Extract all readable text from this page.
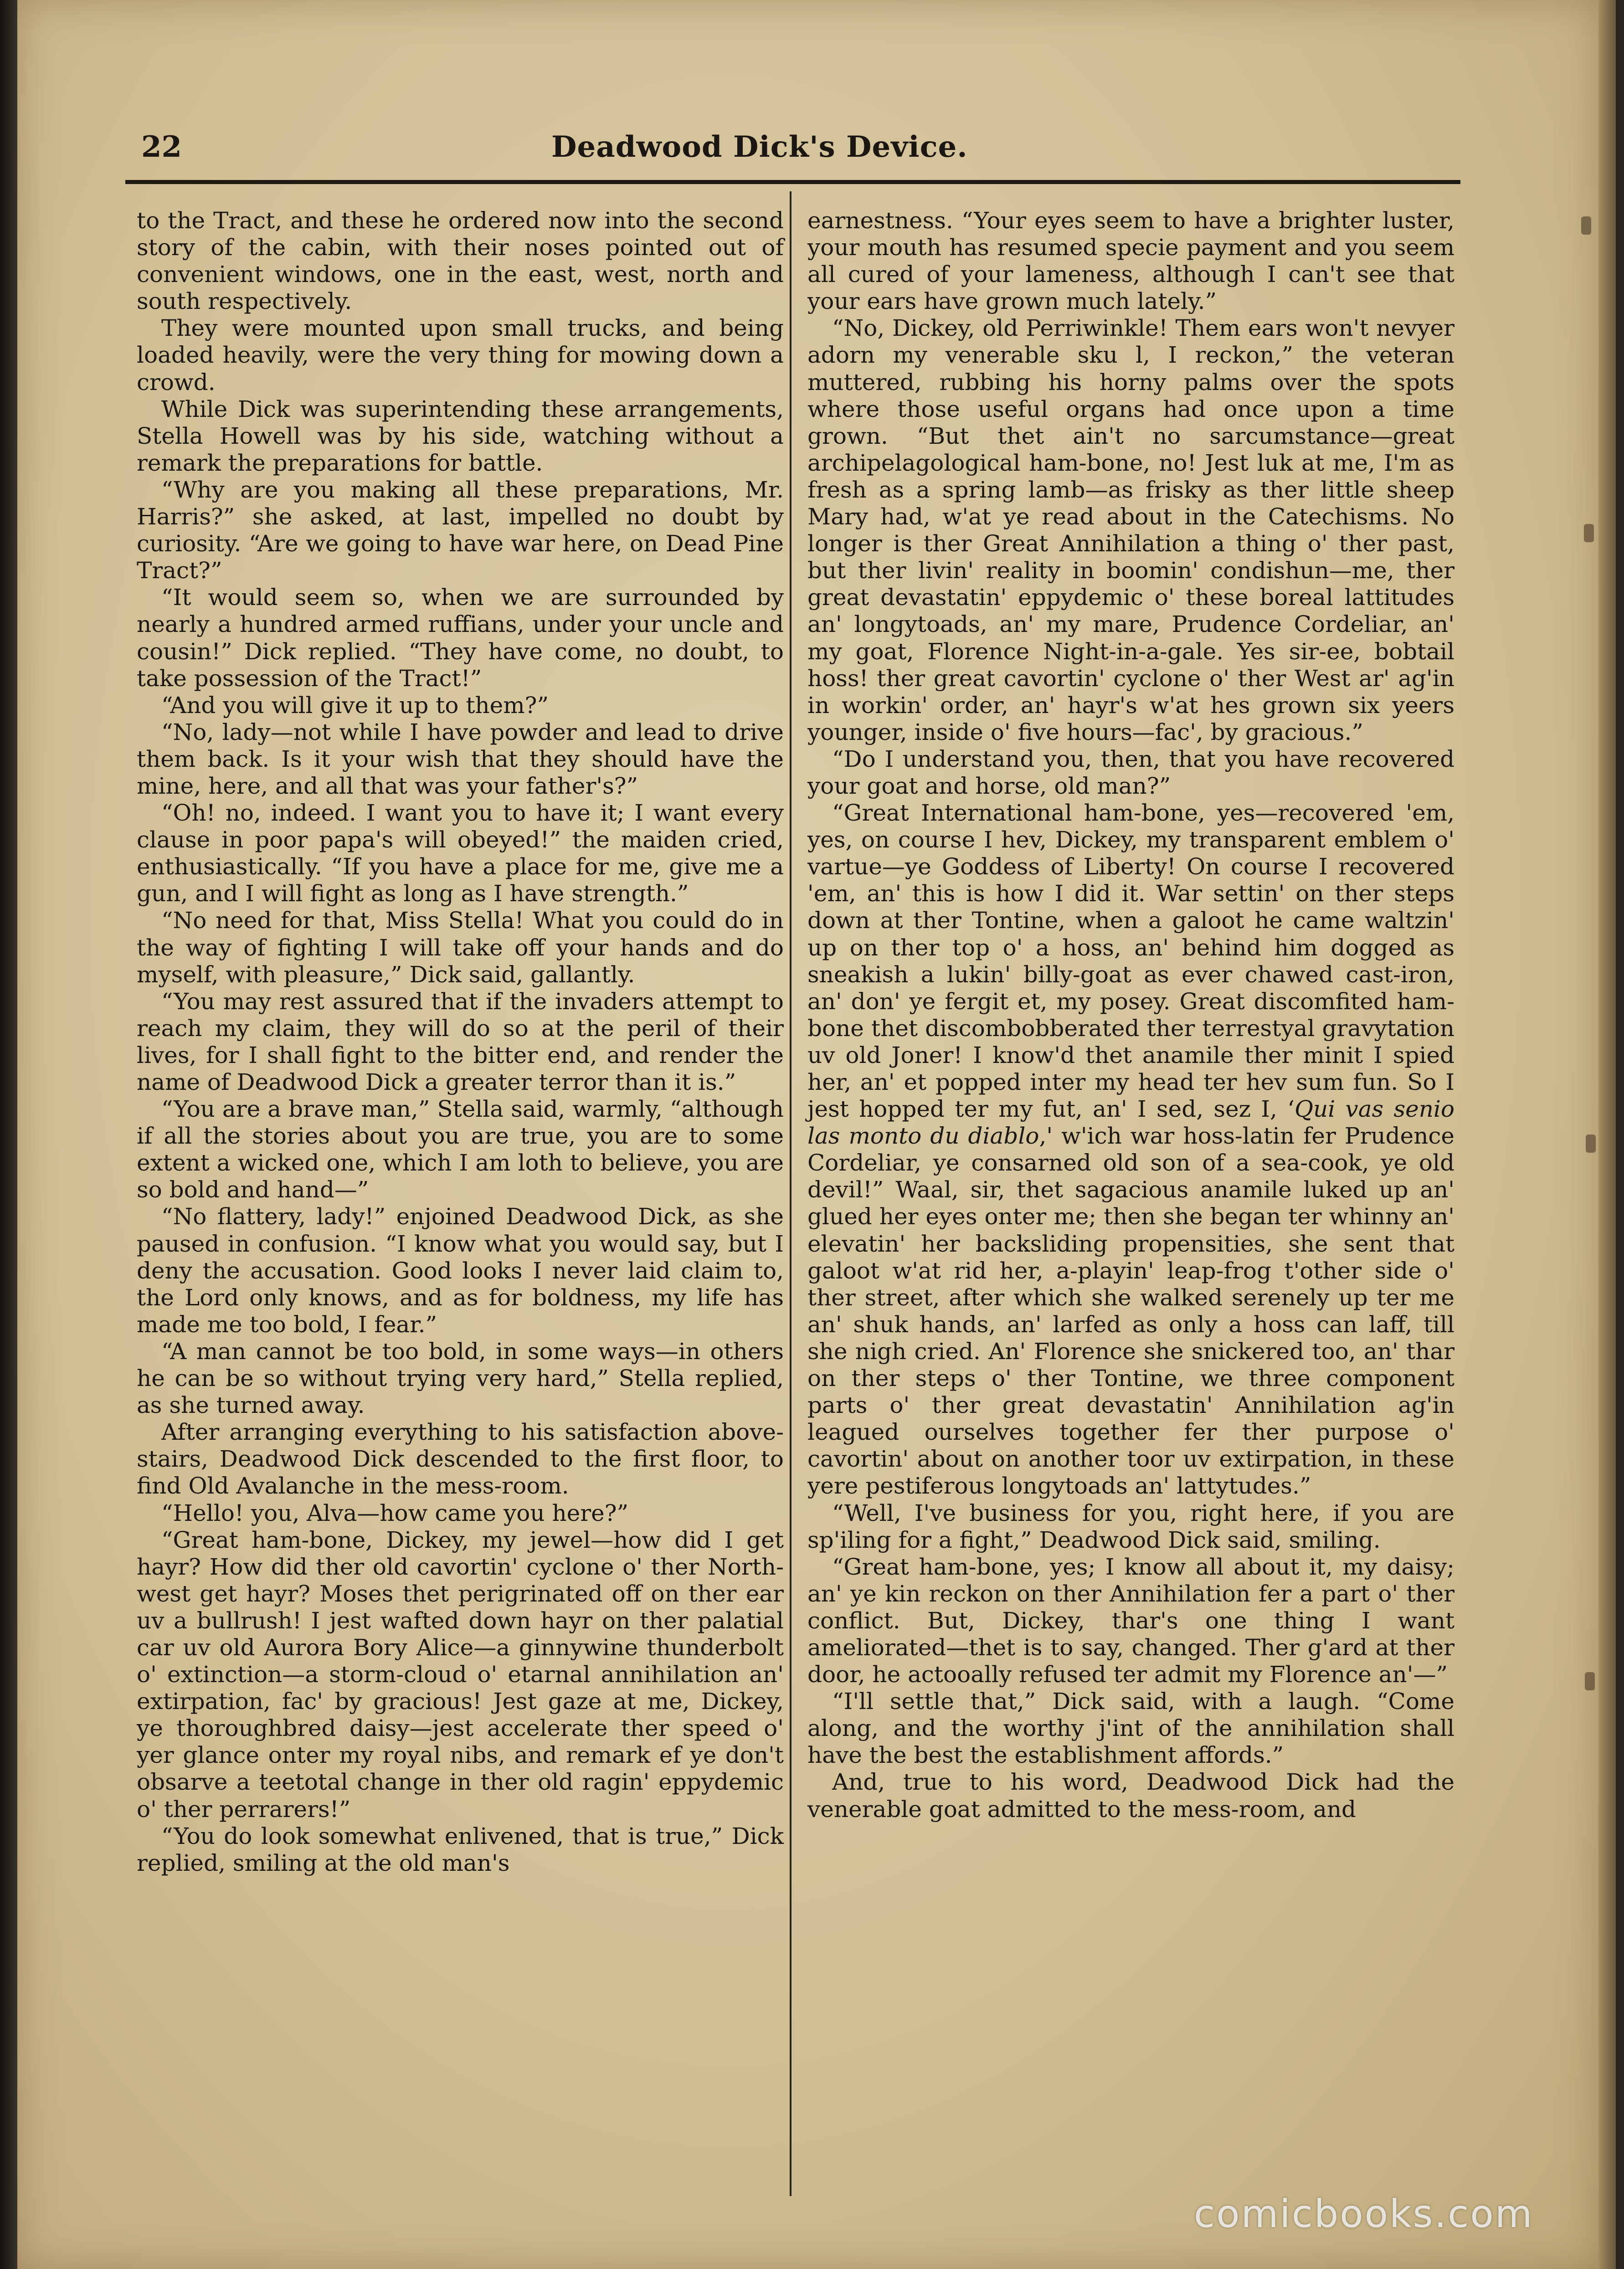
22	Deadwood Dick's Device.

to the Tract, and these he ordered now into the second story of the cabin, with their noses pointed out of convenient windows, one in the east, west, north and south respectively.

They were mounted upon small trucks, and being loaded heavily, were the very thing for mowing down a crowd.

While Dick was superintending these arrangements, Stella Howell was by his side, watching without a remark the preparations for battle.

“Why are you making all these preparations, Mr. Harris?” she asked, at last, impelled no doubt by curiosity. “Are we going to have war here, on Dead Pine Tract?”

“It would seem so, when we are surrounded by nearly a hundred armed ruffians, under your uncle and cousin!” Dick replied. “They have come, no doubt, to take possession of the Tract!”

“And you will give it up to them?”

“No, lady—not while I have powder and lead to drive them back. Is it your wish that they should have the mine, here, and all that was your father's?”

“Oh! no, indeed. I want you to have it; I want every clause in poor papa's will obeyed!” the maiden cried, enthusiastically. “If you have a place for me, give me a gun, and I will fight as long as I have strength.”

“No need for that, Miss Stella! What you could do in the way of fighting I will take off your hands and do myself, with pleasure,” Dick said, gallantly.

“You may rest assured that if the invaders attempt to reach my claim, they will do so at the peril of their lives, for I shall fight to the bitter end, and render the name of Deadwood Dick a greater terror than it is.”

“You are a brave man,” Stella said, warmly, “although if all the stories about you are true, you are to some extent a wicked one, which I am loth to believe, you are so bold and hand—”

“No flattery, lady!” enjoined Deadwood Dick, as she paused in confusion. “I know what you would say, but I deny the accusation. Good looks I never laid claim to, the Lord only knows, and as for boldness, my life has made me too bold, I fear.”

“A man cannot be too bold, in some ways—in others he can be so without trying very hard,” Stella replied, as she turned away.

After arranging everything to his satisfaction above-stairs, Deadwood Dick descended to the first floor, to find Old Avalanche in the mess-room.

“Hello! you, Alva—how came you here?”

“Great ham-bone, Dickey, my jewel—how did I get hayr? How did ther old cavortin' cyclone o' ther North-west get hayr? Moses thet perigrinated off on ther ear uv a bullrush! I jest wafted down hayr on ther palatial car uv old Aurora Bory Alice—a ginnywine thunderbolt o' extinction—a storm-cloud o' etarnal annihilation an' extirpation, fac' by gracious! Jest gaze at me, Dickey, ye thoroughbred daisy—jest accelerate ther speed o' yer glance onter my royal nibs, and remark ef ye don't obsarve a teetotal change in ther old ragin' eppydemic o' ther perrarers!”

“You do look somewhat enlivened, that is true,” Dick replied, smiling at the old man's

earnestness. “Your eyes seem to have a brighter luster, your mouth has resumed specie payment and you seem all cured of your lameness, although I can't see that your ears have grown much lately.”

“No, Dickey, old Perriwinkle! Them ears won't nevyer adorn my venerable sku l, I reckon,” the veteran muttered, rubbing his horny palms over the spots where those useful organs had once upon a time grown. “But thet ain't no sarcumstance—great archipelagological ham-bone, no! Jest luk at me, I'm as fresh as a spring lamb—as frisky as ther little sheep Mary had, w'at ye read about in the Catechisms. No longer is ther Great Annihilation a thing o' ther past, but ther livin' reality in boomin' condishun—me, ther great devastatin' eppydemic o' these boreal lattitudes an' longytoads, an' my mare, Prudence Cordeliar, an' my goat, Florence Night-in-a-gale. Yes sir-ee, bobtail hoss! ther great cavortin' cyclone o' ther West ar' ag'in in workin' order, an' hayr's w'at hes grown six yeers younger, inside o' five hours—fac', by gracious.”

“Do I understand you, then, that you have recovered your goat and horse, old man?”

“Great International ham-bone, yes—recovered 'em, yes, on course I hev, Dickey, my transparent emblem o' vartue—ye Goddess of Liberty! On course I recovered 'em, an' this is how I did it. War settin' on ther steps down at ther Tontine, when a galoot he came waltzin' up on ther top o' a hoss, an' behind him dogged as sneakish a lukin' billy-goat as ever chawed cast-iron, an' don' ye fergit et, my posey. Great discomfited ham-bone thet discombobberated ther terrestyal gravytation uv old Joner! I know'd thet anamile ther minit I spied her, an' et popped inter my head ter hev sum fun. So I jest hopped ter my fut, an' I sed, sez I, ‘Qui vas senio las monto du diablo,' w'ich war hoss-latin fer Prudence Cordeliar, ye consarned old son of a sea-cook, ye old devil!” Waal, sir, thet sagacious anamile luked up an' glued her eyes onter me; then she began ter whinny an' elevatin' her backsliding propensities, she sent that galoot w'at rid her, a-playin' leap-frog t'other side o' ther street, after which she walked serenely up ter me an' shuk hands, an' larfed as only a hoss can laff, till she nigh cried. An' Florence she snickered too, an' thar on ther steps o' ther Tontine, we three component parts o' ther great devastatin' Annihilation ag'in leagued ourselves together fer ther purpose o' cavortin' about on another toor uv extirpation, in these yere pestiferous longytoads an' lattytudes.”

“Well, I've business for you, right here, if you are sp'iling for a fight,” Deadwood Dick said, smiling.

“Great ham-bone, yes; I know all about it, my daisy; an' ye kin reckon on ther Annihilation fer a part o' ther conflict. But, Dickey, thar's one thing I want ameliorated—thet is to say, changed. Ther g'ard at ther door, he actooally refused ter admit my Florence an'—”

“I'll settle that,” Dick said, with a laugh. “Come along, and the worthy j'int of the annihilation shall have the best the establishment affords.”

And, true to his word, Deadwood Dick had the venerable goat admitted to the mess-room, and

comicbooks.com
